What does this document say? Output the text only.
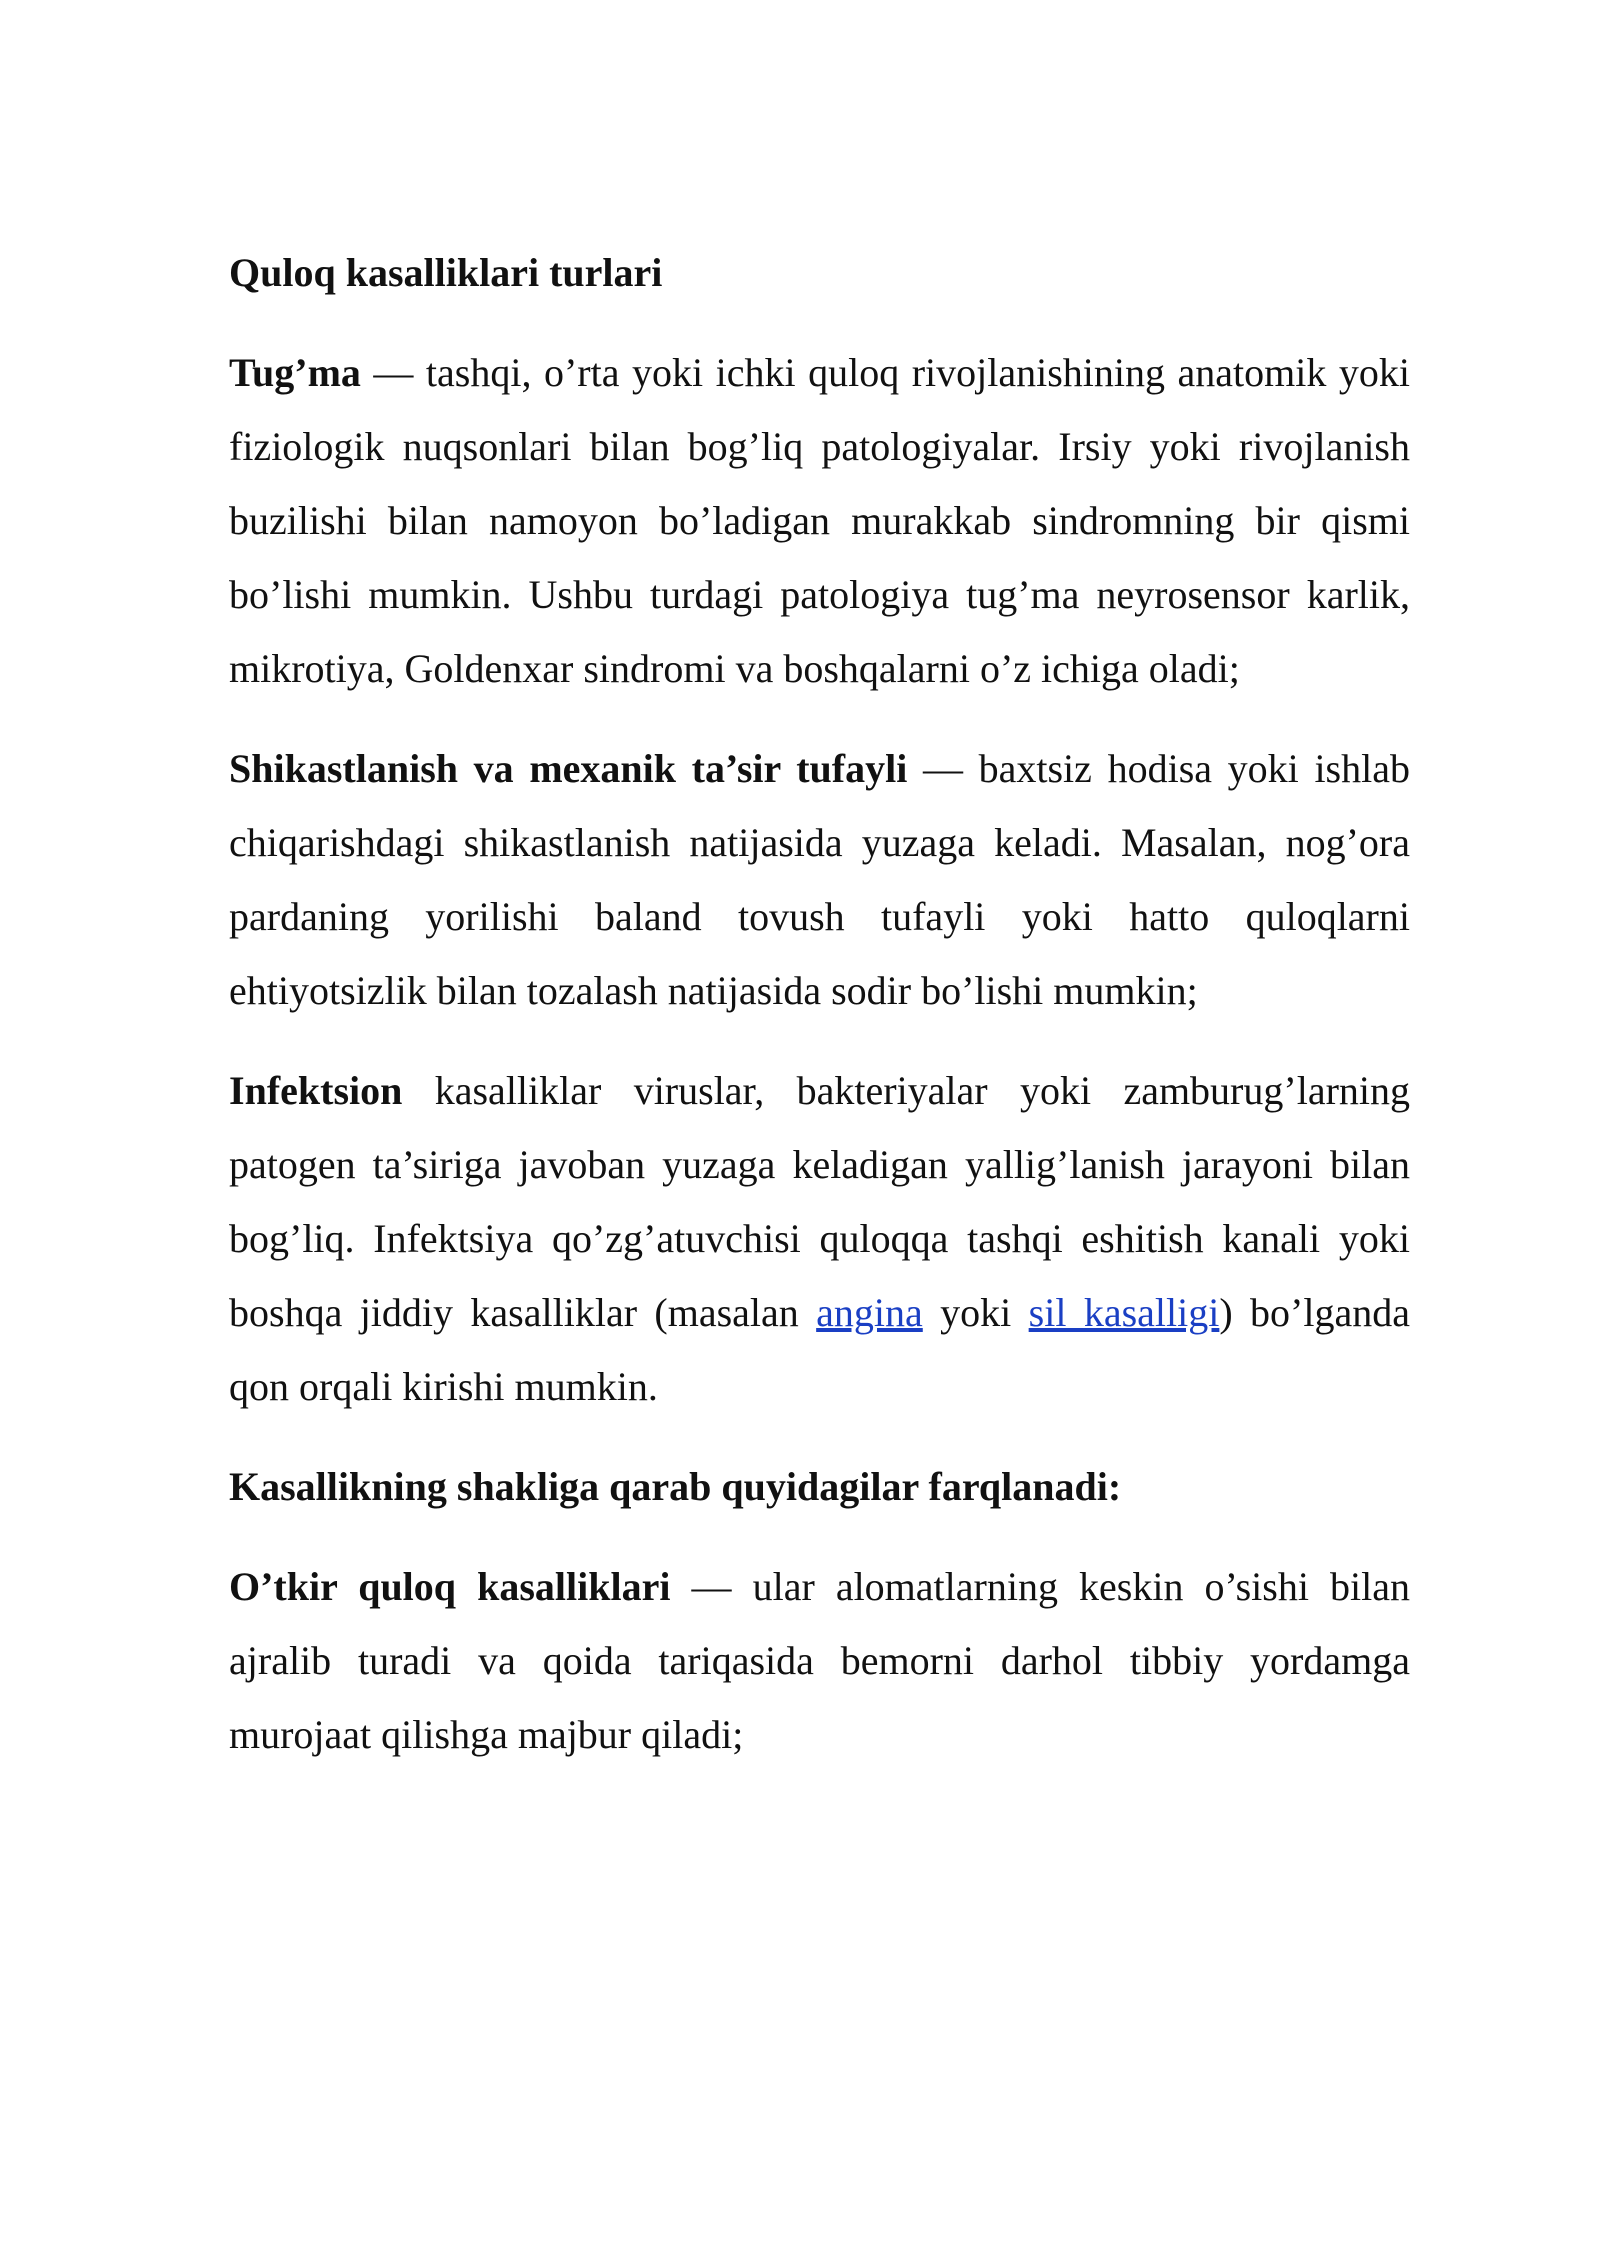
Quloq kasalliklari turlari

Tug’ma — tashqi, o’rta yoki ichki quloq rivojlanishining anatomik yoki fiziologik nuqsonlari bilan bog’liq patologiyalar. Irsiy yoki rivojlanish buzilishi bilan namoyon bo’ladigan murakkab sindromning bir qismi bo’lishi mumkin. Ushbu turdagi patologiya tug’ma neyrosensor karlik, mikrotiya, Goldenxar sindromi va boshqalarni o’z ichiga oladi;

Shikastlanish va mexanik ta’sir tufayli — baxtsiz hodisa yoki ishlab chiqarishdagi shikastlanish natijasida yuzaga keladi. Masalan, nog’ora pardaning yorilishi baland tovush tufayli yoki hatto quloqlarni ehtiyotsizlik bilan tozalash natijasida sodir bo’lishi mumkin;

Infektsion kasalliklar viruslar, bakteriyalar yoki zamburug’larning patogen ta’siriga javoban yuzaga keladigan yallig’lanish jarayoni bilan bog’liq. Infektsiya qo’zg’atuvchisi quloqqa tashqi eshitish kanali yoki boshqa jiddiy kasalliklar (masalan angina yoki sil kasalligi) bo’lganda qon orqali kirishi mumkin.

Kasallikning shakliga qarab quyidagilar farqlanadi:

O’tkir quloq kasalliklari — ular alomatlarning keskin o’sishi bilan ajralib turadi va qoida tariqasida bemorni darhol tibbiy yordamga murojaat qilishga majbur qiladi;
